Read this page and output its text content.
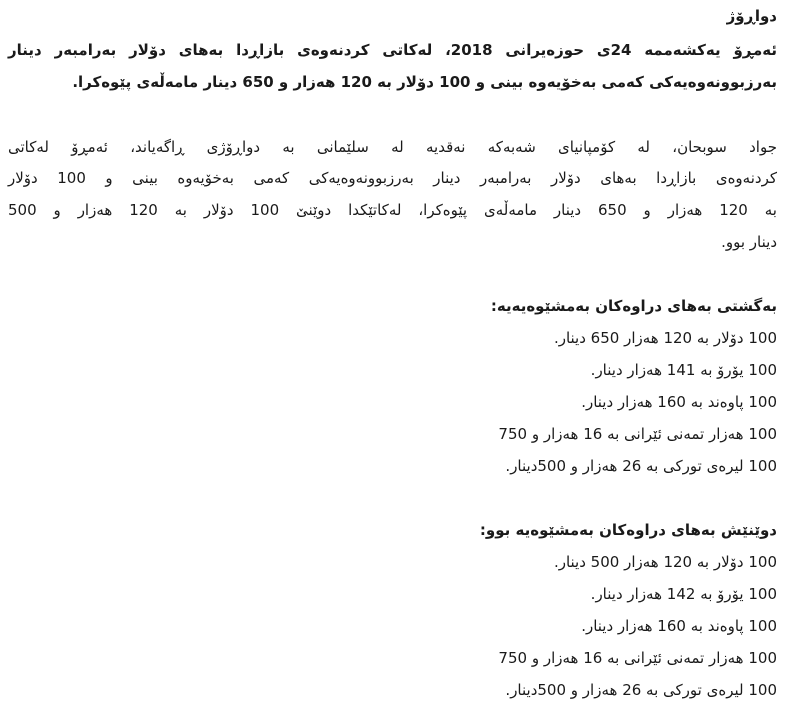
دواڕۆژ
ئەمڕۆ یەکشەممە 24ی حوزەیرانی 2018، لەکاتی کردنەوەی بازاڕدا بەهای دۆلار بەرامبەر دینار
بەرزبوونەوەیەکی کەمی بەخۆیەوە بینی و 100 دۆلار بە 120 هەزار و 650 دینار مامەڵەی پێوەکرا.
جواد سوبحان، لە کۆمپانیای شەبەکە نەقدیە لە سلێمانی بە دواڕۆژی ڕاگەیاند، ئەمڕۆ لەکاتی
کردنەوەی بازاڕدا بەهای دۆلار بەرامبەر دینار بەرزبوونەوەیەکی کەمی بەخۆیەوە بینی و 100 دۆلار
بە 120 هەزار و 650 دینار مامەڵەی پێوەکرا، لەکاتێکدا دوێنێ 100 دۆلار بە 120 هەزار و 500
دینار بوو.
بەگشتی بەهای دراوەکان بەمشێوەیەیە:
100 دۆلار بە 120 هەزار 650 دینار.
100 یۆرۆ بە 141 هەزار دینار.
100 پاوەند بە 160 هەزار دینار.
100 هەزار تمەنی ئێرانی بە 16 هەزار و 750
100 لیرەی تورکی بە 26 هەزار و 500دینار.
دوێنێش بەهای دراوەکان بەمشێوەیە بوو:
100 دۆلار بە 120 هەزار 500 دینار.
100 یۆرۆ بە 142 هەزار دینار.
100 پاوەند بە 160 هەزار دینار.
100 هەزار تمەنی ئێرانی بە 16 هەزار و 750
100 لیرەی تورکی بە 26 هەزار و 500دینار.
